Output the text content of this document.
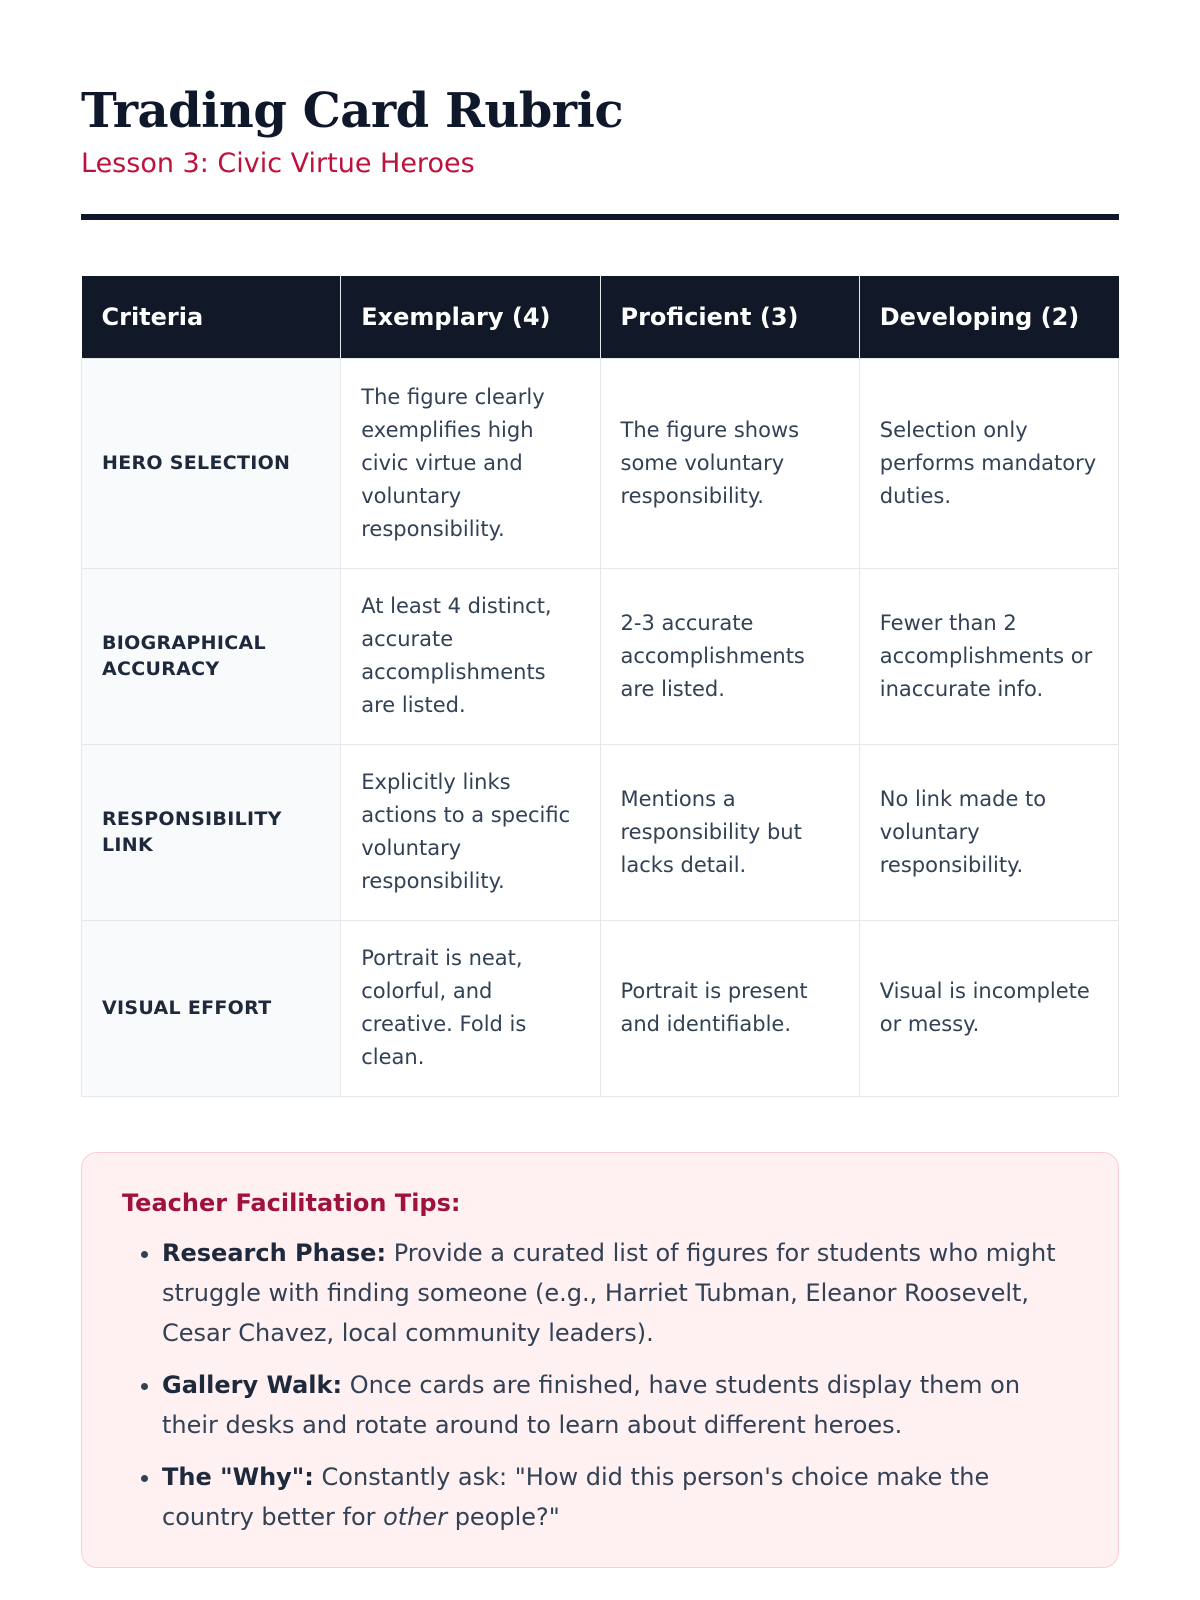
Trading Card Rubric
Lesson 3: Civic Virtue Heroes
Criteria	Exemplary (4)	Proficient (3)	Developing (2)
HERO SELECTION	The figure clearly exemplifies high civic virtue and voluntary responsibility.	The figure shows some voluntary responsibility.	Selection only performs mandatory duties.
BIOGRAPHICAL ACCURACY	At least 4 distinct, accurate accomplishments are listed.	2-3 accurate accomplishments are listed.	Fewer than 2 accomplishments or inaccurate info.
RESPONSIBILITY LINK	Explicitly links actions to a specific voluntary responsibility.	Mentions a responsibility but lacks detail.	No link made to voluntary responsibility.
VISUAL EFFORT	Portrait is neat, colorful, and creative. Fold is clean.	Portrait is present and identifiable.	Visual is incomplete or messy.
Teacher Facilitation Tips:
• Research Phase: Provide a curated list of figures for students who might struggle with finding someone (e.g., Harriet Tubman, Eleanor Roosevelt, Cesar Chavez, local community leaders).
• Gallery Walk: Once cards are finished, have students display them on their desks and rotate around to learn about different heroes.
• The "Why": Constantly ask: "How did this person's choice make the country better for other people?"
